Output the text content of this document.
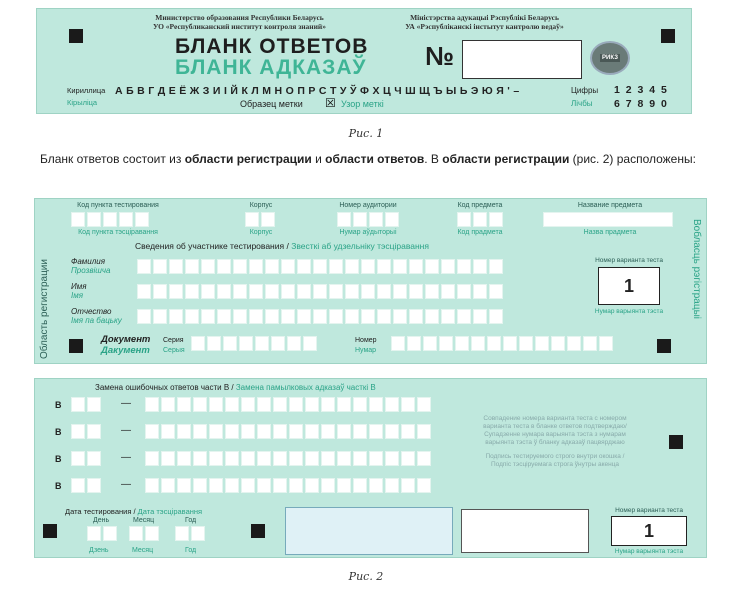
Министерство образования Республики Беларусь
УО «Республиканский институт контроля знаний»
Міністэрства адукацыі Рэспублікі Беларусь
УА «Рэспубліканскі інстытут кантролю ведаў»
БЛАНК ОТВЕТОВ
БЛАНК АДКАЗАЎ №	РИКЗ
Кириллица
Кірыліца
А Б В Г Д Е Ё Ж З И І Й К Л М Н О П Р С Т У Ў Ф Х Ц Ч Ш Щ Ъ Ы Ь Э Ю Я ' –	Цифры
Лічбы
1 2 3 4 5
6 7 8 9 0
Образец метки ☒ Узор меткі
Рис. 1
Бланк ответов состоит из области регистрации и области ответов. В области регистрации (рис. 2) расположены:
Область регистрации	Вобласць рэгістрацыі
Код пункта тестирования
Код пункта тэсціравання
Корпус
Корпус
Номер аудитории
Нумар аўдыторыі
Код предмета
Код прадмета
Название предмета
Назва прадмета
Сведения об участнике тестирования / Звесткі аб удзельніку тэсціравання
Фамилия
Прозвішча
Имя
Імя
Отчество
Імя па бацьку
Номер варианта теста
1
Нумар варыянта тэста
Документ
Дакумент
Серия
Серыя
Номер
Нумар
Замена ошибочных ответов части В / Замена памылковых адказаў часткі В
В	—
В	—
В	—
В	—
Совпадение номера варианта теста с номером
варианта теста в бланке ответов подтверждаю/
Супадзенне нумара варыянта тэста з нумарам
варыянта тэста ў бланку адказаў пацвярджаю
Подпись тестируемого строго внутри окошка /
Подпіс тэсціруемага строга ўнутры акенца
Дата тестирования / Дата тэсціравання
День	Месяц	Год
Дзень	Месяц	Год
Номер варианта теста
1
Нумар варыянта тэста
Рис. 2
